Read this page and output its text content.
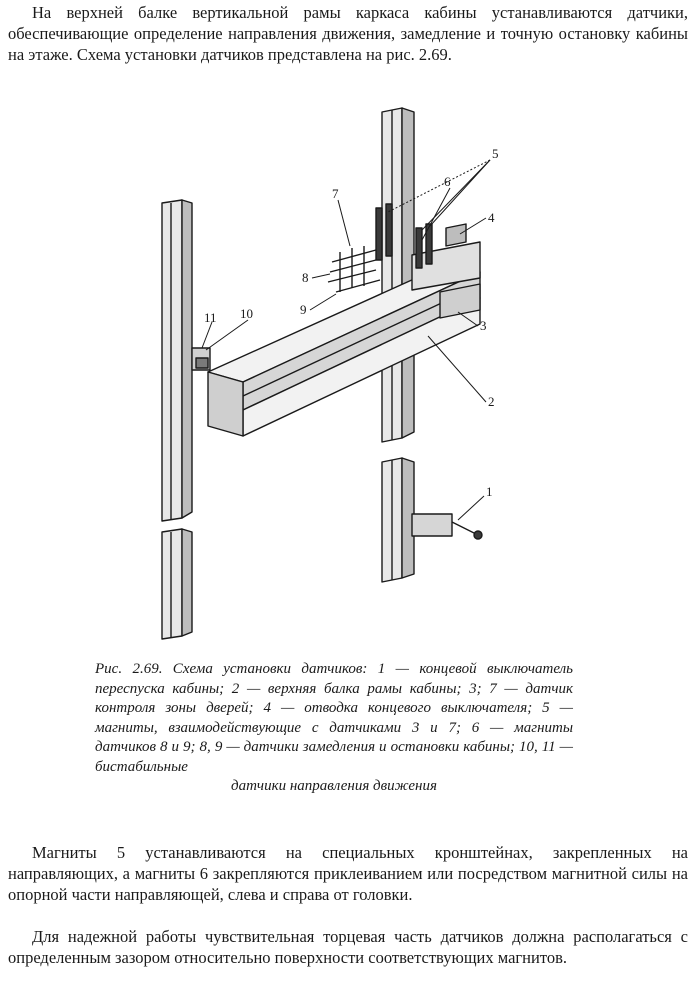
На верхней балке вертикальной рамы каркаса кабины устанавливаются датчики, обеспечивающие определение направления движения, замедление и точную остановку кабины на этаже. Схема установки датчиков представлена на рис. 2.69.

5
6
7
4
8
9
3
11 10
2
1

Рис. 2.69. Схема установки датчиков: 1 — концевой выключатель переспуска кабины; 2 — верхняя балка рамы кабины; 3; 7 — датчик контроля зоны дверей; 4 — отводка концевого выключателя; 5 — магниты, взаимодействующие с датчиками 3 и 7; 6 — магниты датчиков 8 и 9; 8, 9 — датчики замедления и остановки кабины; 10, 11 — бистабильные
датчики направления движения

Магниты 5 устанавливаются на специальных кронштейнах, закрепленных на направляющих, а магниты 6 закрепляются приклеиванием или посредством магнитной силы на опорной части направляющей, слева и справа от головки.

Для надежной работы чувствительная торцевая часть датчиков должна располагаться с определенным зазором относительно поверхности соответствующих магнитов.
